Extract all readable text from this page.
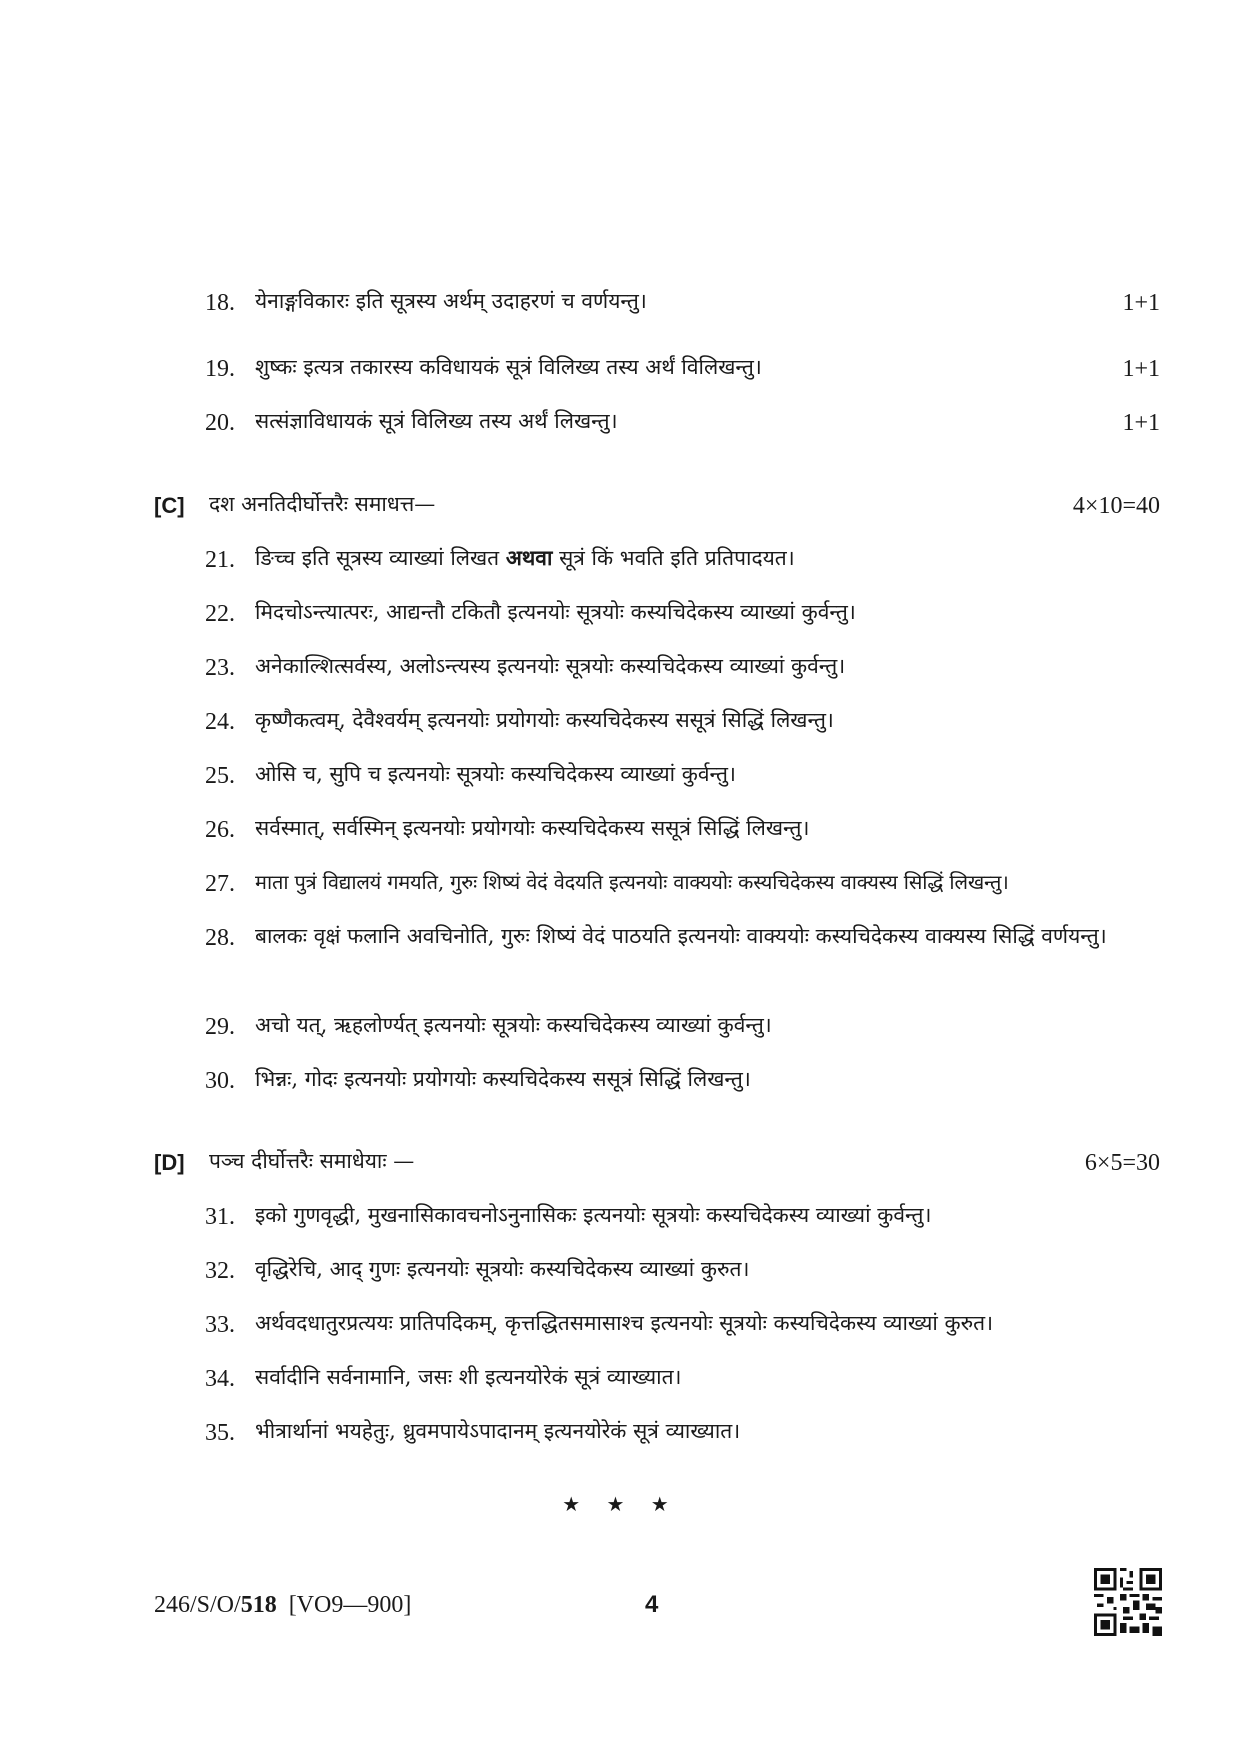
18. येनाङ्गविकारः इति सूत्रस्य अर्थम् उदाहरणं च वर्णयन्तु।	1+1
19. शुष्कः इत्यत्र तकारस्य कविधायकं सूत्रं विलिख्य तस्य अर्थं विलिखन्तु।	1+1
20. सत्संज्ञाविधायकं सूत्रं विलिख्य तस्य अर्थं लिखन्तु।	1+1
[C] दश अनतिदीर्घोत्तरैः समाधत्त—	4×10=40
21. ङिच्च इति सूत्रस्य व्याख्यां लिखत अथवा सूत्रं किं भवति इति प्रतिपादयत।
22. मिदचोऽन्त्यात्परः, आद्यन्तौ टकितौ इत्यनयोः सूत्रयोः कस्यचिदेकस्य व्याख्यां कुर्वन्तु।
23. अनेकाल्शित्सर्वस्य, अलोऽन्त्यस्य इत्यनयोः सूत्रयोः कस्यचिदेकस्य व्याख्यां कुर्वन्तु।
24. कृष्णैकत्वम्, देवैश्वर्यम् इत्यनयोः प्रयोगयोः कस्यचिदेकस्य ससूत्रं सिद्धिं लिखन्तु।
25. ओसि च, सुपि च इत्यनयोः सूत्रयोः कस्यचिदेकस्य व्याख्यां कुर्वन्तु।
26. सर्वस्मात्, सर्वस्मिन् इत्यनयोः प्रयोगयोः कस्यचिदेकस्य ससूत्रं सिद्धिं लिखन्तु।
27. माता पुत्रं विद्यालयं गमयति, गुरुः शिष्यं वेदं वेदयति इत्यनयोः वाक्ययोः कस्यचिदेकस्य वाक्यस्य सिद्धिं लिखन्तु।
28. बालकः वृक्षं फलानि अवचिनोति, गुरुः शिष्यं वेदं पाठयति इत्यनयोः वाक्ययोः कस्यचिदेकस्य वाक्यस्य सिद्धिं वर्णयन्तु।
29. अचो यत्, ऋहलोर्ण्यत् इत्यनयोः सूत्रयोः कस्यचिदेकस्य व्याख्यां कुर्वन्तु।
30. भिन्नः, गोदः इत्यनयोः प्रयोगयोः कस्यचिदेकस्य ससूत्रं सिद्धिं लिखन्तु।
[D] पञ्च दीर्घोत्तरैः समाधेयाः —	6×5=30
31. इको गुणवृद्धी, मुखनासिकावचनोऽनुनासिकः इत्यनयोः सूत्रयोः कस्यचिदेकस्य व्याख्यां कुर्वन्तु।
32. वृद्धिरेचि, आद् गुणः इत्यनयोः सूत्रयोः कस्यचिदेकस्य व्याख्यां कुरुत।
33. अर्थवदधातुरप्रत्ययः प्रातिपदिकम्, कृत्तद्धितसमासाश्च इत्यनयोः सूत्रयोः कस्यचिदेकस्य व्याख्यां कुरुत।
34. सर्वादीनि सर्वनामानि, जसः शी इत्यनयोरेकं सूत्रं व्याख्यात।
35. भीत्रार्थानां भयहेतुः, ध्रुवमपायेऽपादानम् इत्यनयोरेकं सूत्रं व्याख्यात।
★ ★ ★
246/S/O/518 [VO9—900]	4
